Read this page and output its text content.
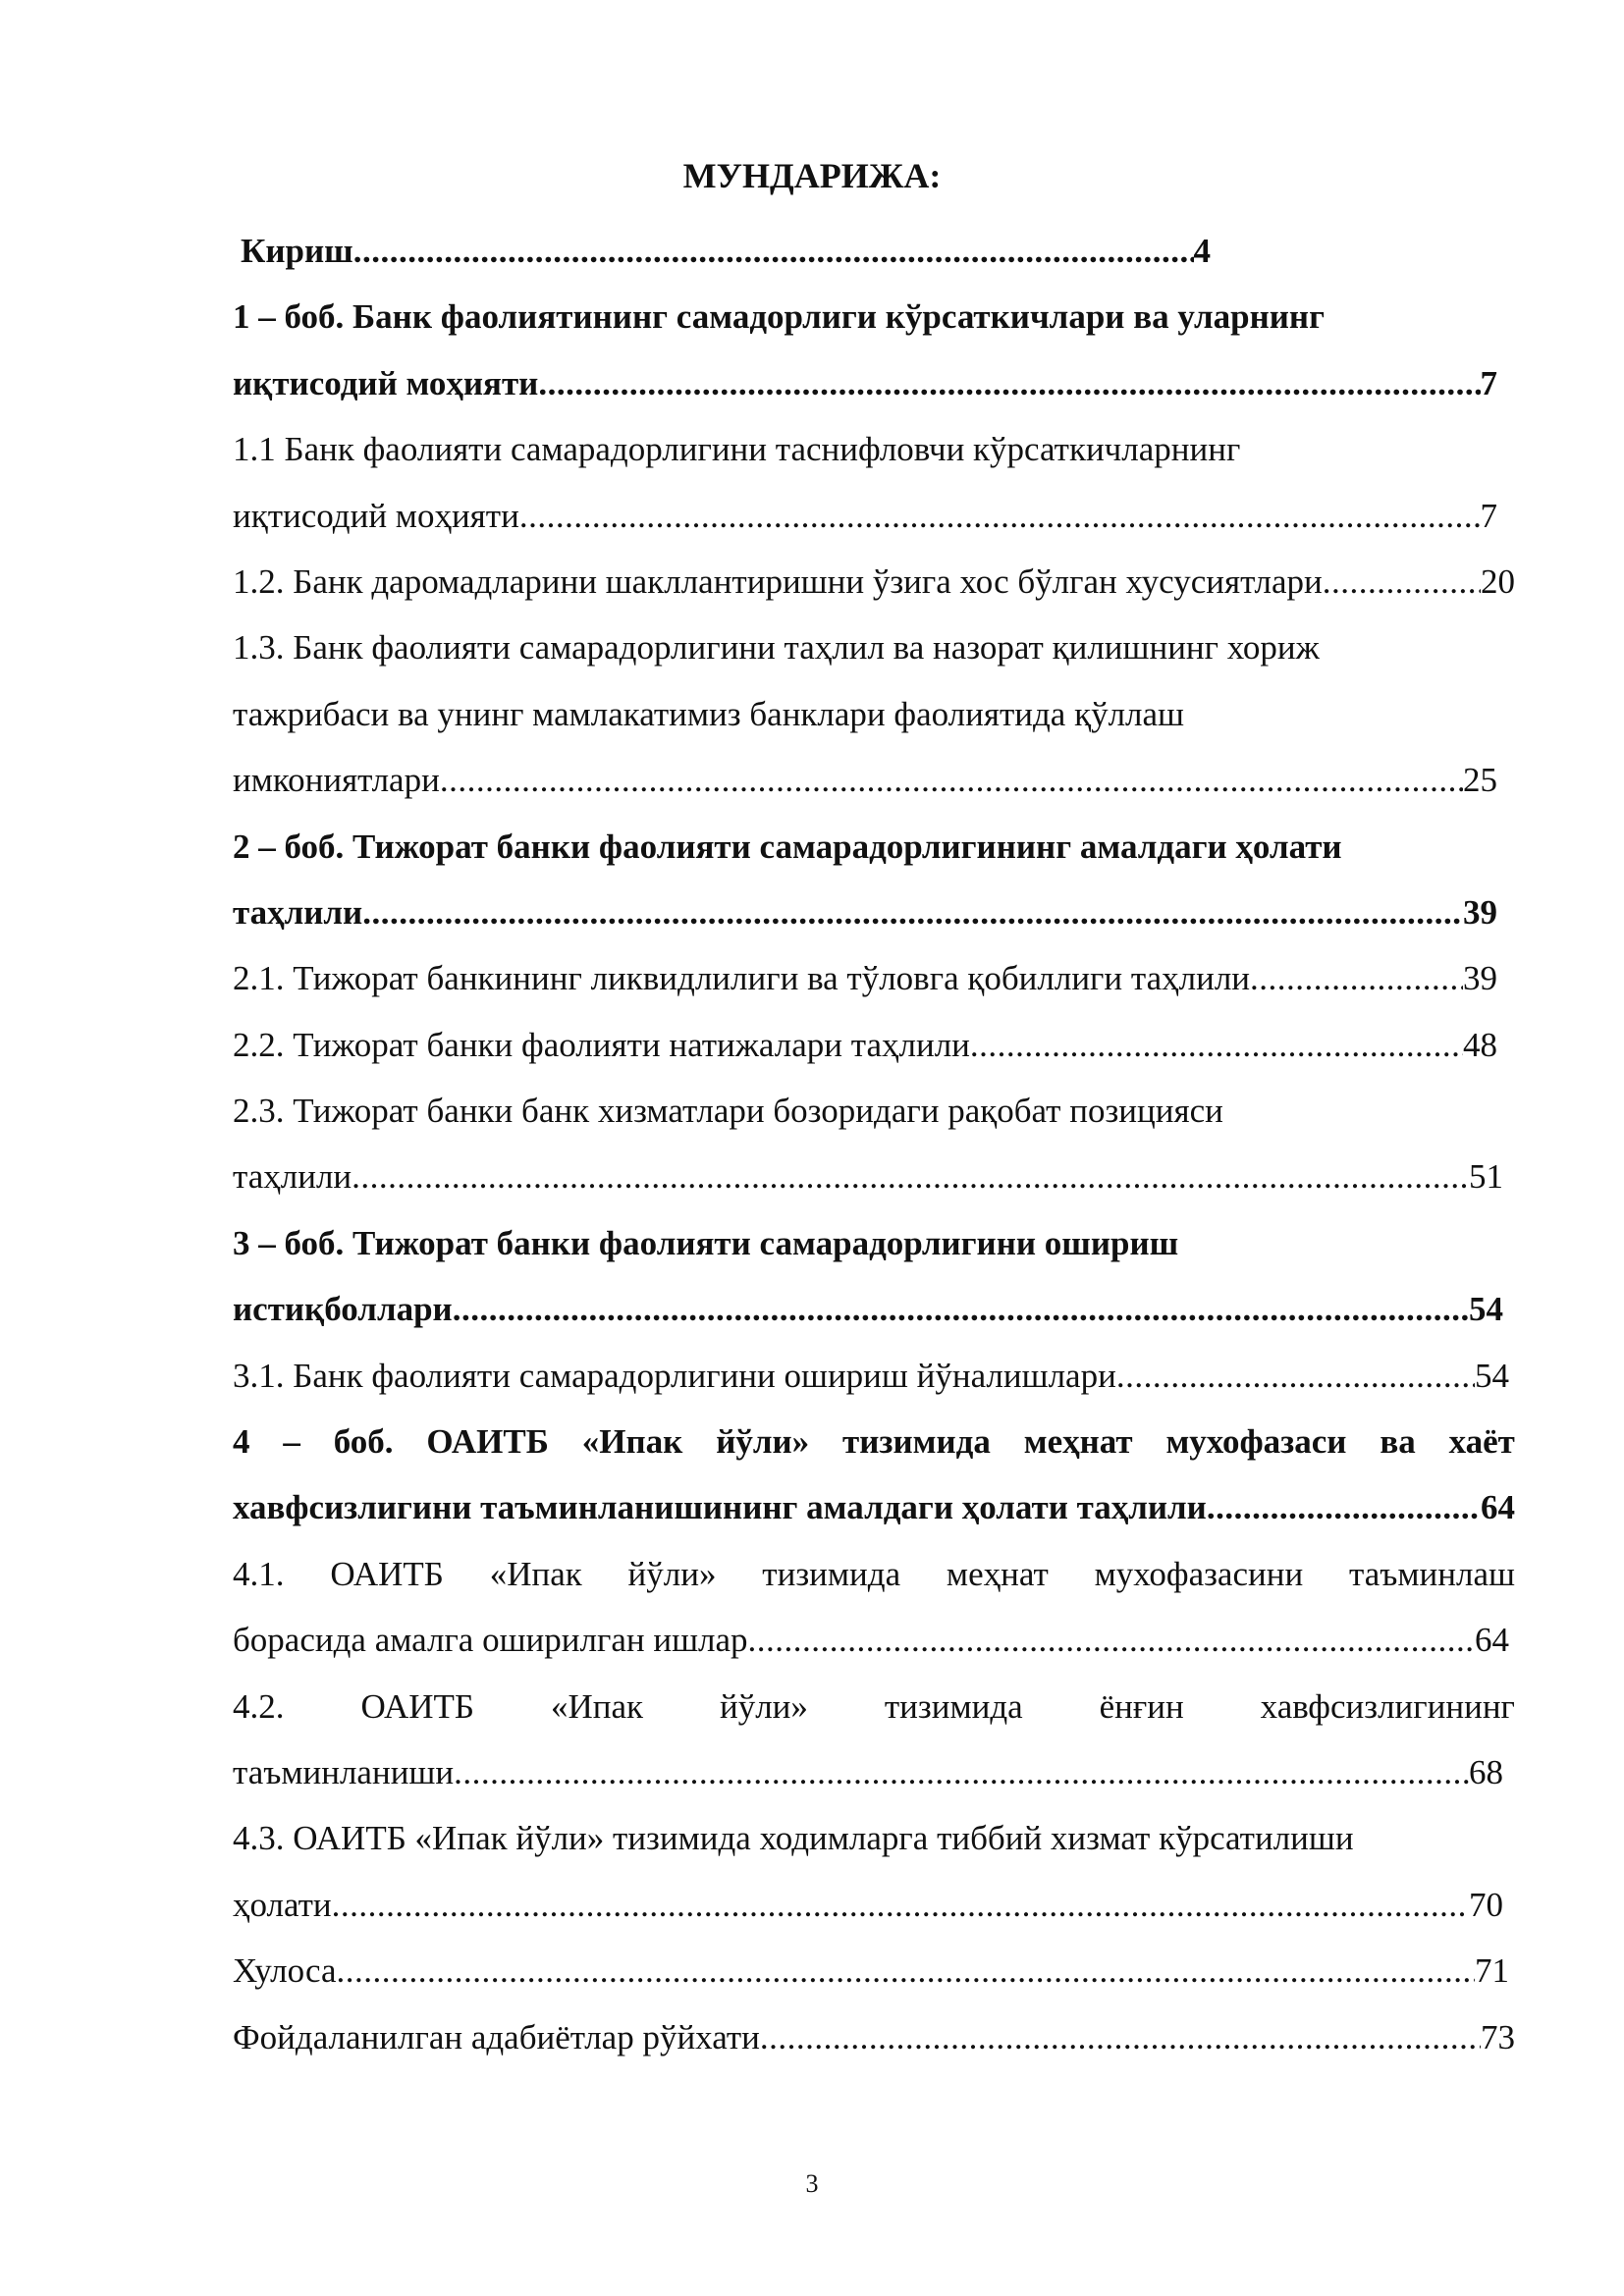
МУНДАРИЖА:
Кириш .....	4
1 – боб. Банк фаолиятининг самадорлиги кўрсаткичлари ва уларнинг
иқтисодий моҳияти .....	7
1.1 Банк фаолияти самарадорлигини таснифловчи кўрсаткичларнинг
иқтисодий моҳияти .....	7
1.2. Банк даромадларини шакллантиришни ўзига хос бўлган хусусиятлари .....	20
1.3. Банк фаолияти самарадорлигини таҳлил ва назорат қилишнинг хориж
тажрибаси ва унинг мамлакатимиз банклари фаолиятида қўллаш
имкониятлари .....	25
2 – боб. Тижорат банки фаолияти самарадорлигининг амалдаги ҳолати
таҳлили .....	39
2.1. Тижорат банкининг ликвидлилиги ва тўловга қобиллиги таҳлили .....	39
2.2. Тижорат банки фаолияти натижалари таҳлили .....	48
2.3. Тижорат банки банк хизматлари бозоридаги рақобат позицияси
таҳлили .....	51
3 – боб. Тижорат банки фаолияти самарадорлигини ошириш
истиқболлари .....	54
3.1. Банк фаолияти самарадорлигини ошириш йўналишлари .....	54
4 – боб. ОАИТБ «Ипак йўли» тизимида меҳнат мухофазаси ва хаёт
хавфсизлигини таъминланишининг амалдаги ҳолати таҳлили .....	64
4.1. ОАИТБ «Ипак йўли» тизимида меҳнат мухофазасини таъминлаш
борасида амалга оширилган ишлар .....	64
4.2. ОАИТБ «Ипак йўли» тизимида ёнғин хавфсизлигининг
таъминланиши .....	68
4.3. ОАИТБ «Ипак йўли» тизимида ходимларга тиббий хизмат кўрсатилиши
ҳолати .....	70
Хулоса .....	71
Фойдаланилган адабиётлар рўйхати .....	73
3
